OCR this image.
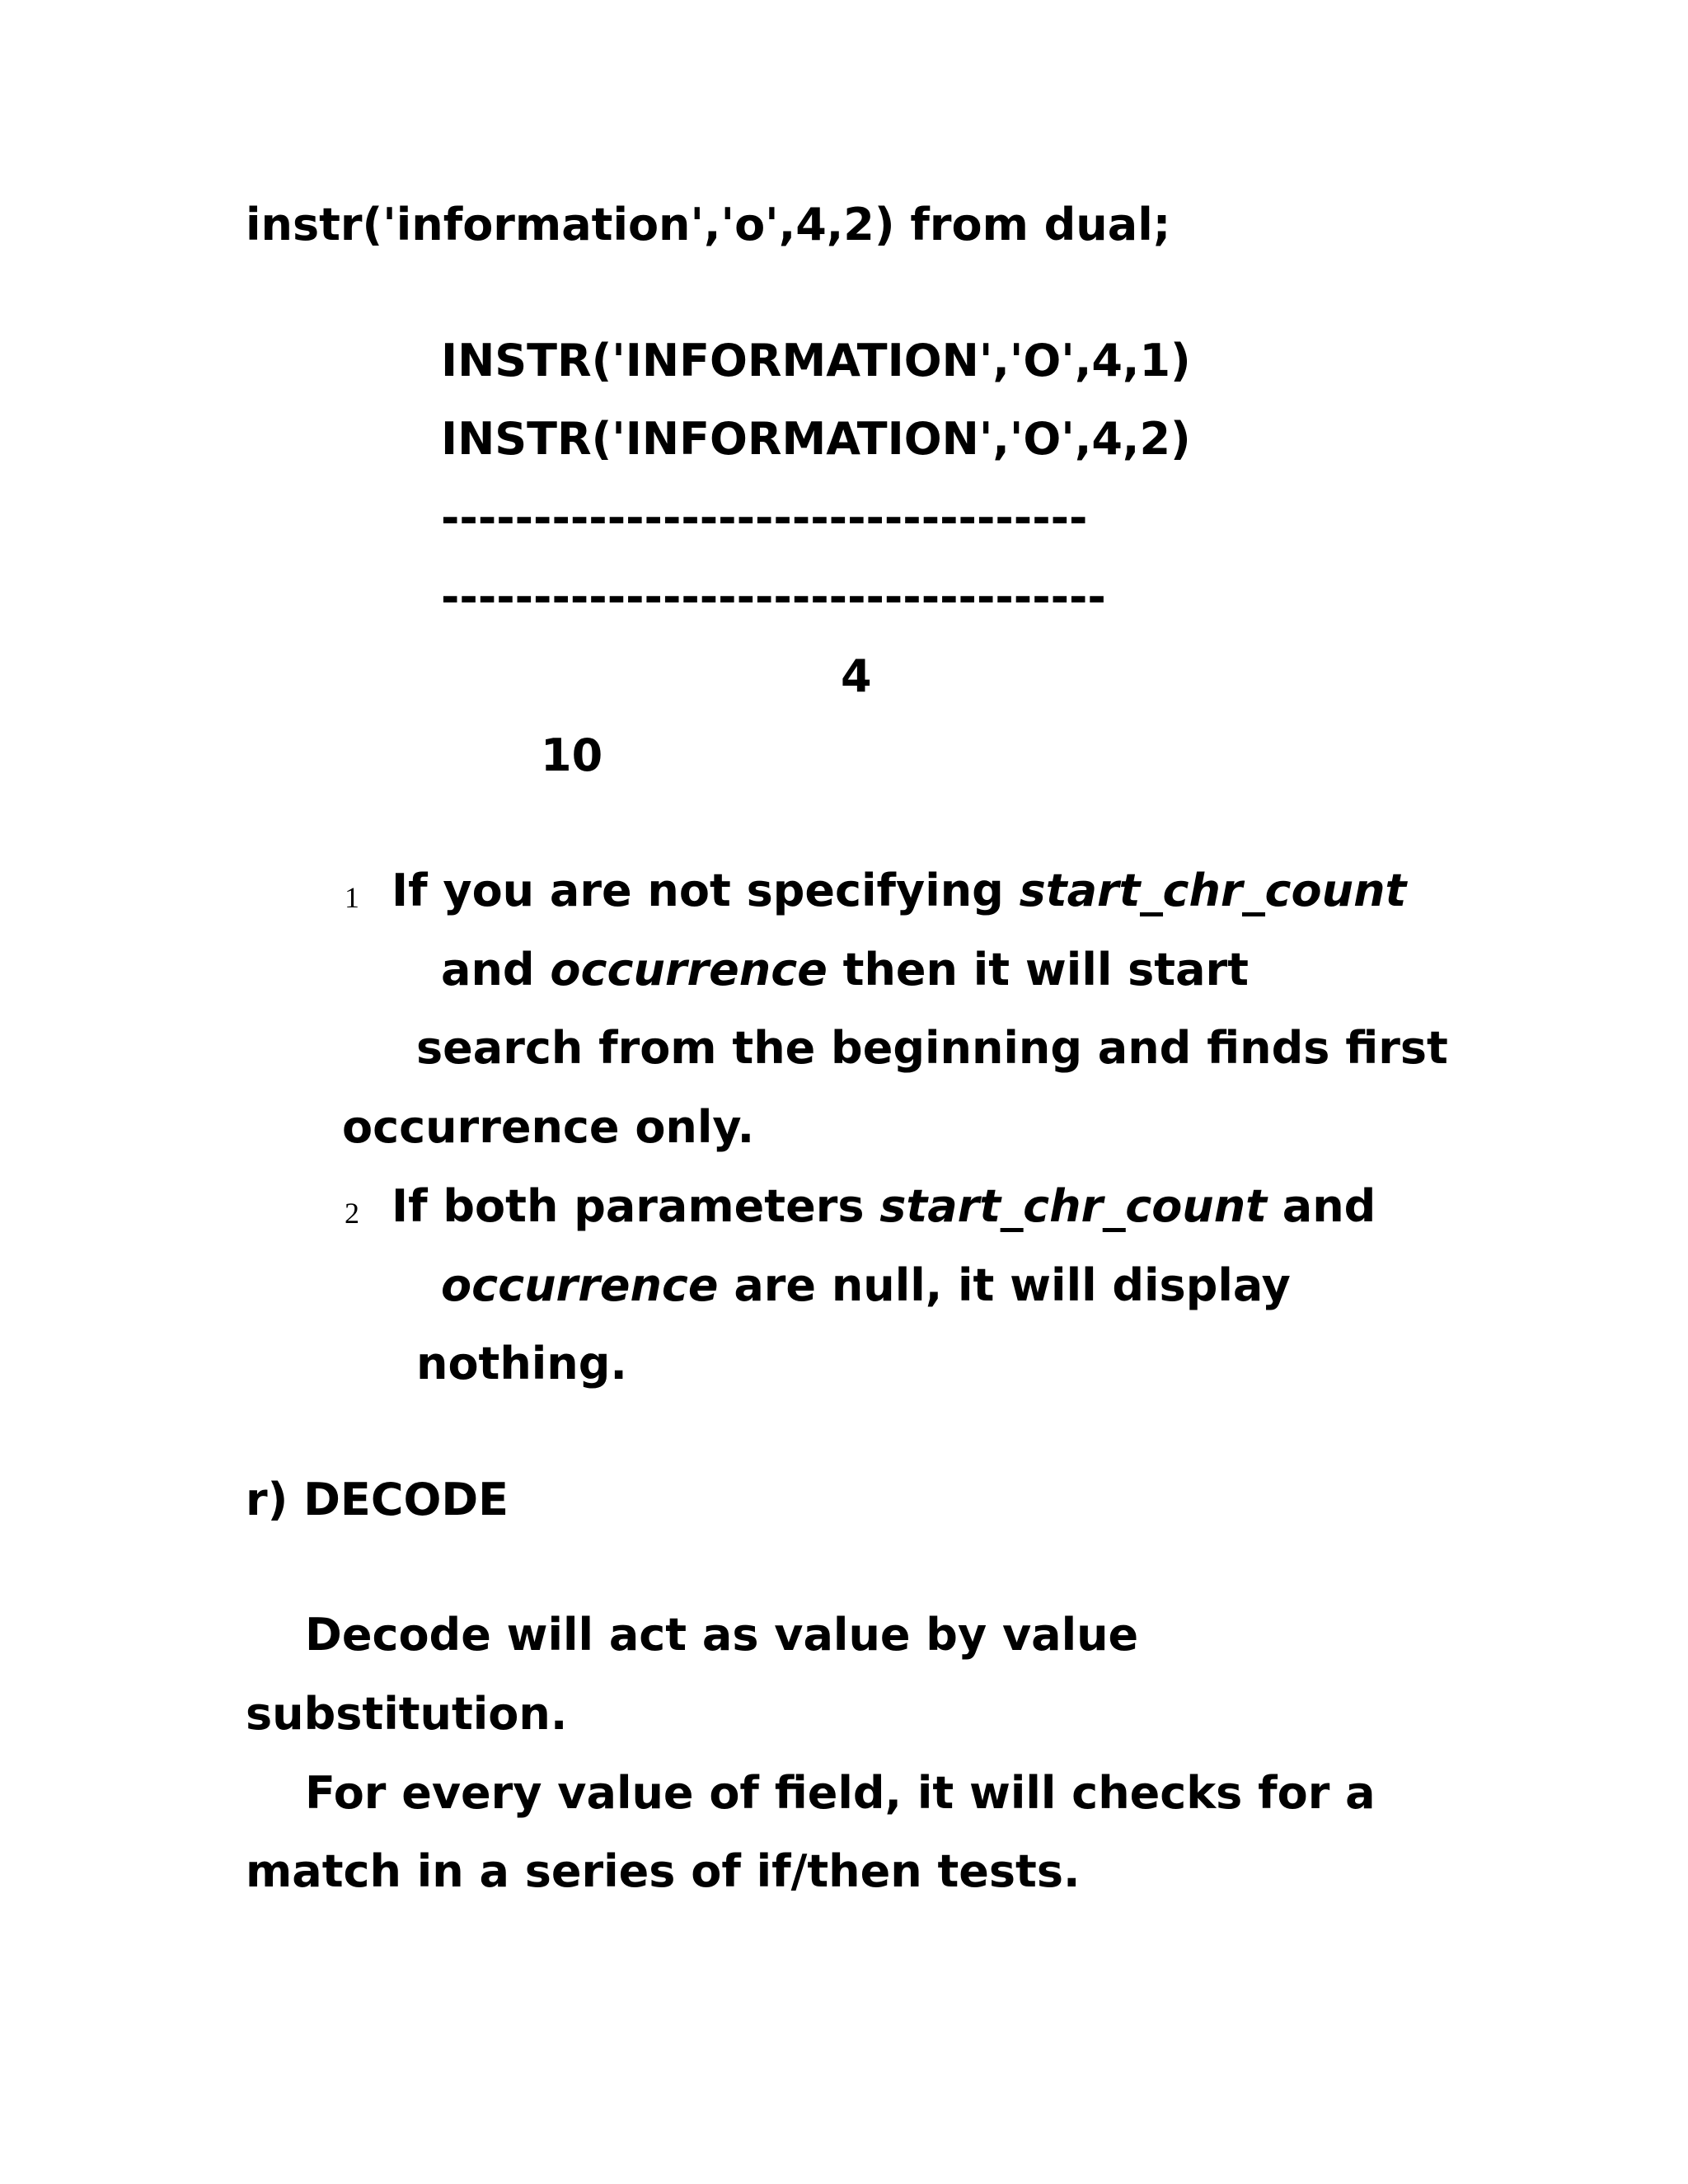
instr('information','o',4,2) from dual;
INSTR('INFORMATION','O',4,1)
INSTR('INFORMATION','O',4,2)
-----------------------------------
------------------------------------
4
10
1 If you are not specifying start_chr_count
and occurrence then it will start
search from the beginning and finds first
occurrence only.
2 If both parameters start_chr_count and
occurrence are null, it will display
nothing.
r) DECODE
Decode will act as value by value
substitution.
For every value of field, it will checks for a
match in a series of if/then tests.
